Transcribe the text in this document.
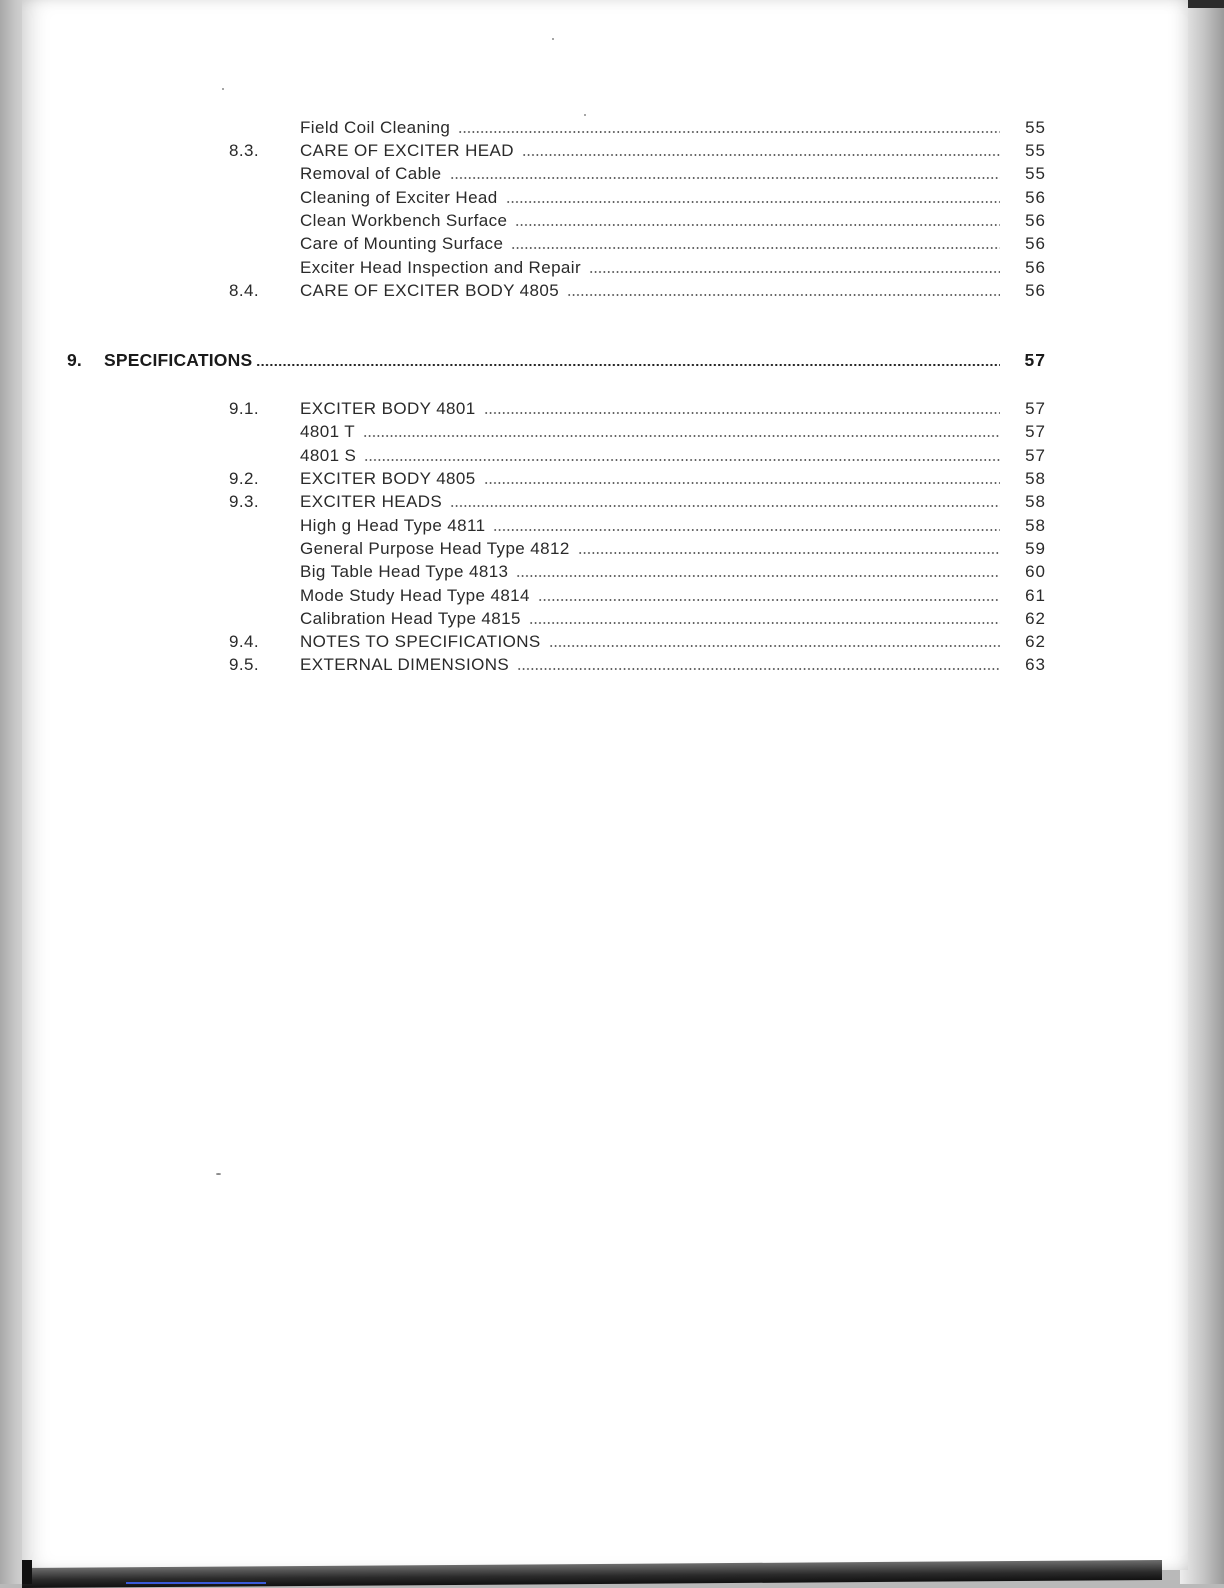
Field Coil Cleaning	55
8.3. CARE OF EXCITER HEAD	55
Removal of Cable	55
Cleaning of Exciter Head	56
Clean Workbench Surface	56
Care of Mounting Surface	56
Exciter Head Inspection and Repair	56
8.4. CARE OF EXCITER BODY 4805	56
9. SPECIFICATIONS	57
9.1. EXCITER BODY 4801	57
4801 T	57
4801 S	57
9.2. EXCITER BODY 4805	58
9.3. EXCITER HEADS	58
High g Head Type 4811	58
General Purpose Head Type 4812	59
Big Table Head Type 4813	60
Mode Study Head Type 4814	61
Calibration Head Type 4815	62
9.4. NOTES TO SPECIFICATIONS	62
9.5. EXTERNAL DIMENSIONS	63
